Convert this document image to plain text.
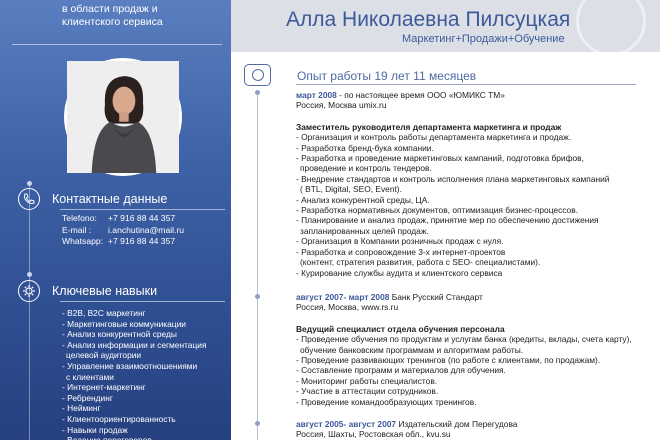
в области продаж и
клиентского сервиса
Контактные данные
Telefono:	+7 916 88 44 357
E-mail :	i.anchutina@mail.ru
Whatsapp: +7 916 88 44 357
Ключевые навыки
- B2B, B2C маркетинг
- Маркетинговые коммуникации
- Анализ конкурентной среды
- Анализ информации и сегментация
целевой аудитории
- Управление взаимоотношениями
с клиентами
- Интернет-маркетинг
- Ребрендинг
- Нейминг
- Клиентоориентированность
- Навыки продаж
- Ведение переговоров
Алла Николаевна Пилсуцкая
Маркетинг+Продажи+Обучение
Опыт работы 19 лет 11 месяцев
март 2008 - по настоящее время ООО «ЮМИКС ТМ»
Россия, Москва umix.ru
Заместитель руководителя департамента маркетинга и продаж
- Организация и контроль работы департамента маркетинга и продаж.
- Разработка бренд-бука компании.
- Разработка и проведение маркетинговых кампаний, подготовка брифов,
проведение и контроль тендеров.
- Внедрение стандартов и контроль исполнения плана маркетинговых кампаний
( BTL, Digital, SEO, Event).
- Анализ конкурентной среды, ЦА.
- Разработка нормативных документов, оптимизация бизнес-процессов.
- Планирование и анализ продаж, принятие мер по обеспечению достижения
запланированных целей продаж.
- Организация в Компании розничных продаж с нуля.
- Разработка и сопровождение 3-х интернет-проектов
(контент, стратегия развития, работа с SEO- специалистами).
- Курирование службы аудита и клиентского сервиса
август 2007- март 2008 Банк Русский Стандарт
Россия, Москва, www.rs.ru
Ведущий специалист отдела обучения персонала
- Проведение обучения по продуктам и услугам банка (кредиты, вклады, счета карту),
обучение банковским программам и алгоритмам работы.
- Проведение развивающих тренингов (по работе с клиентами, по продажам).
- Составление программ и материалов для обучения.
- Мониторинг работы специалистов.
- Участие в аттестации сотрудников.
- Проведение командообразующих тренингов.
август 2005- август 2007 Издательский дом Перегудова
Россия, Шахты, Ростовская обл., kvu.su
